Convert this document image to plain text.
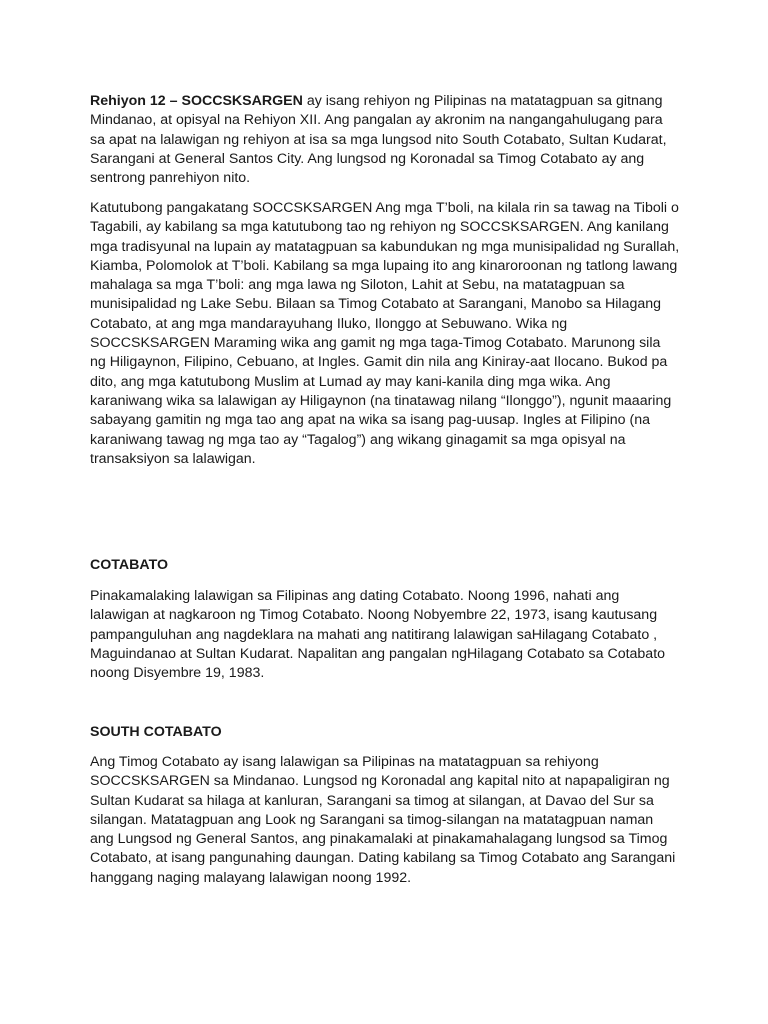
Rehiyon 12 – SOCCSKSARGEN ay isang rehiyon ng Pilipinas na matatagpuan sa gitnang Mindanao, at opisyal na Rehiyon XII. Ang pangalan ay akronim na nangangahulugang para sa apat na lalawigan ng rehiyon at isa sa mga lungsod nito South Cotabato, Sultan Kudarat, Sarangani at General Santos City. Ang lungsod ng Koronadal sa Timog Cotabato ay ang sentrong panrehiyon nito.

Katutubong pangakatang SOCCSKSARGEN Ang mga T’boli, na kilala rin sa tawag na Tiboli o Tagabili, ay kabilang sa mga katutubong tao ng rehiyon ng SOCCSKSARGEN. Ang kanilang mga tradisyunal na lupain ay matatagpuan sa kabundukan ng mga munisipalidad ng Surallah, Kiamba, Polomolok at T’boli. Kabilang sa mga lupaing ito ang kinaroroonan ng tatlong lawang mahalaga sa mga T’boli: ang mga lawa ng Siloton, Lahit at Sebu, na matatagpuan sa munisipalidad ng Lake Sebu. Bilaan sa Timog Cotabato at Sarangani, Manobo sa Hilagang Cotabato, at ang mga mandarayuhang Iluko, Ilonggo at Sebuwano. Wika ng SOCCSKSARGEN Maraming wika ang gamit ng mga taga-Timog Cotabato. Marunong sila ng Hiligaynon, Filipino, Cebuano, at Ingles. Gamit din nila ang Kiniray-aat Ilocano. Bukod pa dito, ang mga katutubong Muslim at Lumad ay may kani-kanila ding mga wika. Ang karaniwang wika sa lalawigan ay Hiligaynon (na tinatawag nilang “Ilonggo”), ngunit maaaring sabayang gamitin ng mga tao ang apat na wika sa isang pag-uusap. Ingles at Filipino (na karaniwang tawag ng mga tao ay “Tagalog”) ang wikang ginagamit sa mga opisyal na transaksiyon sa lalawigan.

COTABATO

Pinakamalaking lalawigan sa Filipinas ang dating Cotabato. Noong 1996, nahati ang lalawigan at nagkaroon ng Timog Cotabato. Noong Nobyembre 22, 1973, isang kautusang pampanguluhan ang nagdeklara na mahati ang natitirang lalawigan saHilagang Cotabato , Maguindanao at Sultan Kudarat. Napalitan ang pangalan ngHilagang Cotabato sa Cotabato noong Disyembre 19, 1983.

SOUTH COTABATO

Ang Timog Cotabato ay isang lalawigan sa Pilipinas na matatagpuan sa rehiyong SOCCSKSARGEN sa Mindanao. Lungsod ng Koronadal ang kapital nito at napapaligiran ng Sultan Kudarat sa hilaga at kanluran, Sarangani sa timog at silangan, at Davao del Sur sa silangan. Matatagpuan ang Look ng Sarangani sa timog-silangan na matatagpuan naman ang Lungsod ng General Santos, ang pinakamalaki at pinakamahalagang lungsod sa Timog Cotabato, at isang pangunahing daungan. Dating kabilang sa Timog Cotabato ang Sarangani hanggang naging malayang lalawigan noong 1992.
